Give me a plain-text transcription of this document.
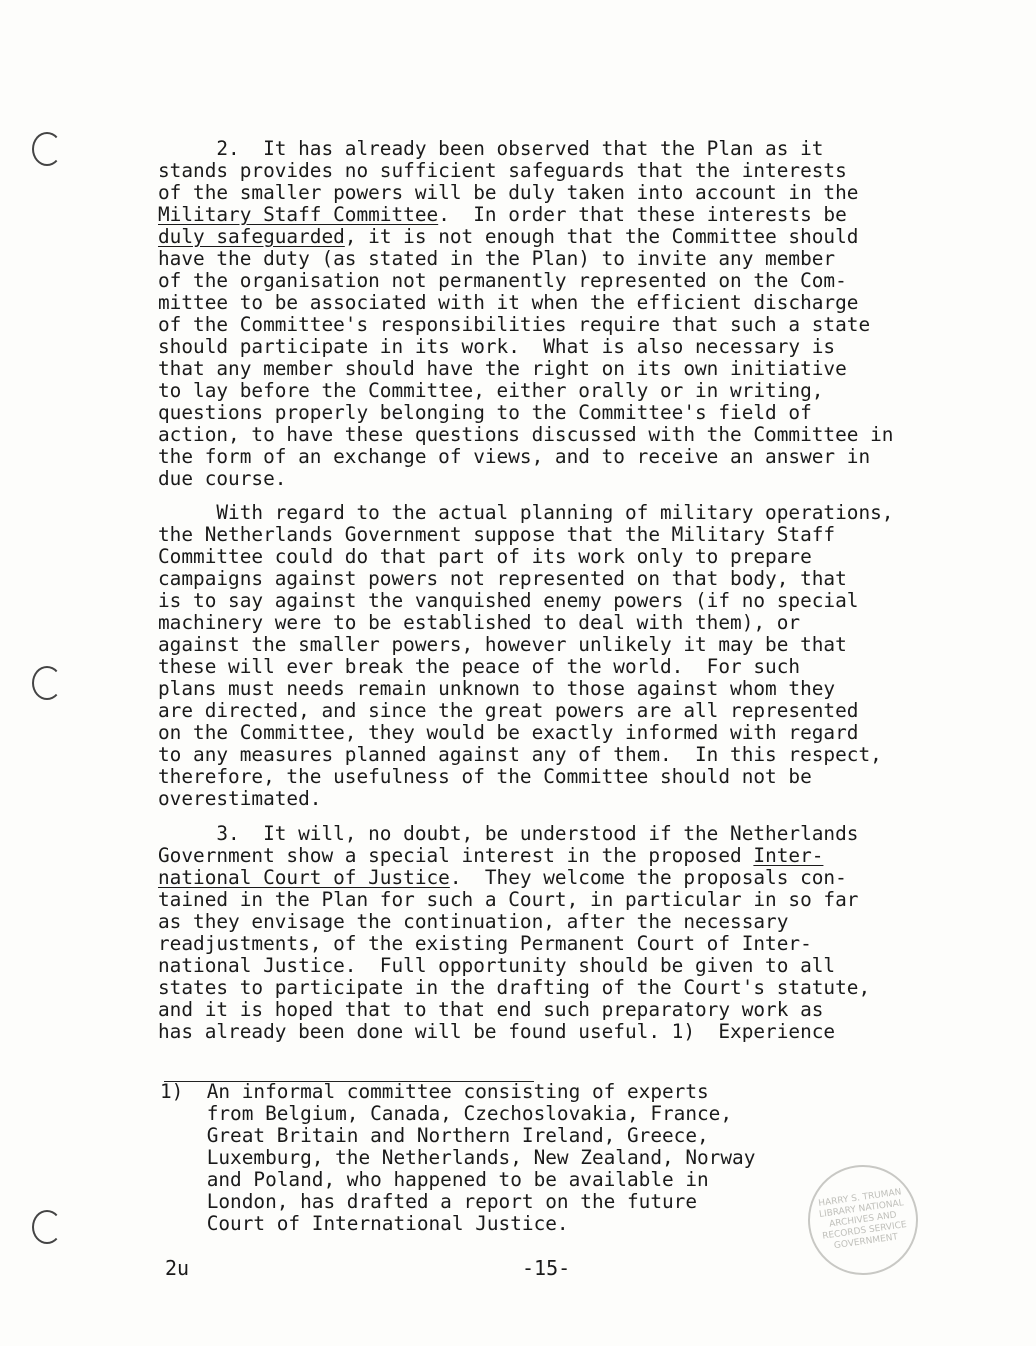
2.  It has already been observed that the Plan as it
stands provides no sufficient safeguards that the interests
of the smaller powers will be duly taken into account in the
Military Staff Committee.  In order that these interests be
duly safeguarded, it is not enough that the Committee should
have the duty (as stated in the Plan) to invite any member
of the organisation not permanently represented on the Com-
mittee to be associated with it when the efficient discharge
of the Committee's responsibilities require that such a state
should participate in its work.  What is also necessary is
that any member should have the right on its own initiative
to lay before the Committee, either orally or in writing,
questions properly belonging to the Committee's field of
action, to have these questions discussed with the Committee in
the form of an exchange of views, and to receive an answer in
due course.
With regard to the actual planning of military operations,
the Netherlands Government suppose that the Military Staff
Committee could do that part of its work only to prepare
campaigns against powers not represented on that body, that
is to say against the vanquished enemy powers (if no special
machinery were to be established to deal with them), or
against the smaller powers, however unlikely it may be that
these will ever break the peace of the world.  For such
plans must needs remain unknown to those against whom they
are directed, and since the great powers are all represented
on the Committee, they would be exactly informed with regard
to any measures planned against any of them.  In this respect,
therefore, the usefulness of the Committee should not be
overestimated.
3.  It will, no doubt, be understood if the Netherlands
Government show a special interest in the proposed Inter-
national Court of Justice.  They welcome the proposals con-
tained in the Plan for such a Court, in particular in so far
as they envisage the continuation, after the necessary
readjustments, of the existing Permanent Court of Inter-
national Justice.  Full opportunity should be given to all
states to participate in the drafting of the Court's statute,
and it is hoped that to that end such preparatory work as
has already been done will be found useful. 1)  Experience
1)  An informal committee consisting of experts
from Belgium, Canada, Czechoslovakia, France,
Great Britain and Northern Ireland, Greece,
Luxemburg, the Netherlands, New Zealand, Norway
and Poland, who happened to be available in
London, has drafted a report on the future
Court of International Justice.
2u	-15-
HARRY S. TRUMAN LIBRARY NATIONAL ARCHIVES AND RECORDS SERVICE GOVERNMENT
